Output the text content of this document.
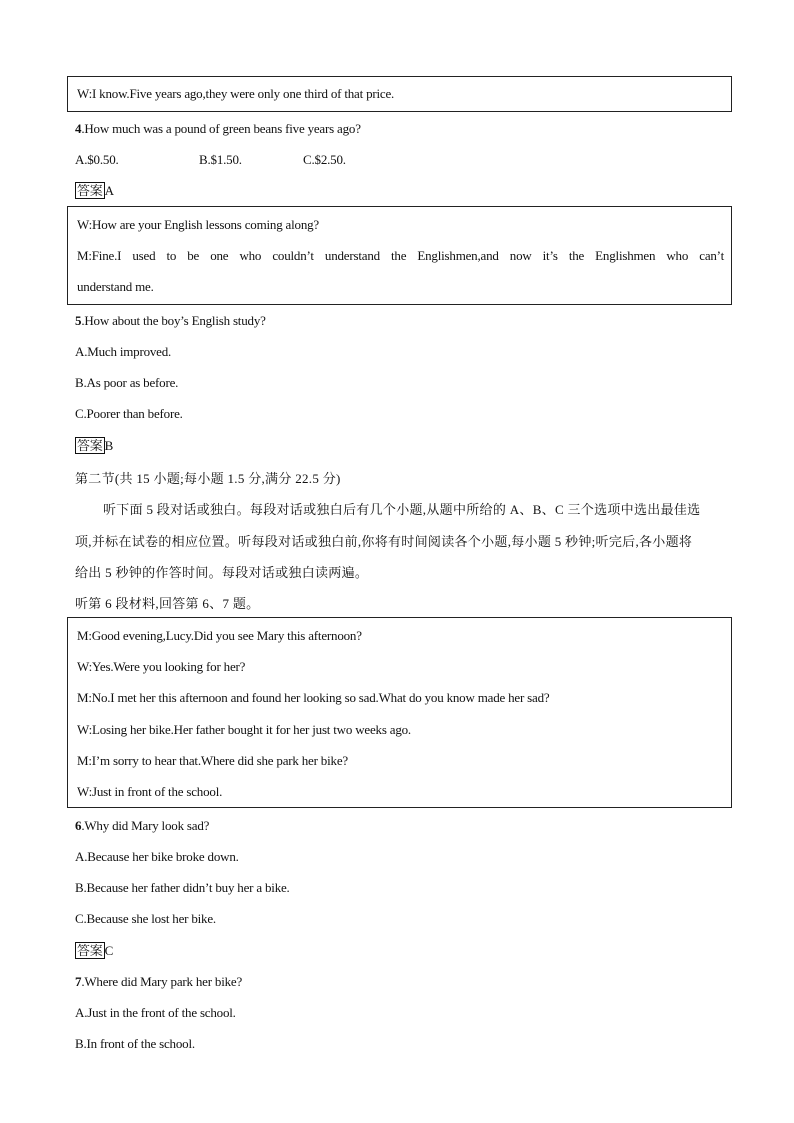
W:I know.Five years ago,they were only one third of that price.
4.How much was a pound of green beans five years ago?
A.$0.50.	B.$1.50.	C.$2.50.
答案 A
W:How are your English lessons coming along?
M:Fine.I used to be one who couldn’t understand the Englishmen,and now it’s the Englishmen who can’t
understand me.
5.How about the boy’s English study?
A.Much improved.
B.As poor as before.
C.Poorer than before.
答案 B
第二节(共 15 小题;每小题 1.5 分,满分 22.5 分)
听下面 5 段对话或独白。每段对话或独白后有几个小题,从题中所给的 A、B、C 三个选项中选出最佳选
项,并标在试卷的相应位置。听每段对话或独白前,你将有时间阅读各个小题,每小题 5 秒钟;听完后,各小题将
给出 5 秒钟的作答时间。每段对话或独白读两遍。
听第 6 段材料,回答第 6、7 题。
M:Good evening,Lucy.Did you see Mary this afternoon?
W:Yes.Were you looking for her?
M:No.I met her this afternoon and found her looking so sad.What do you know made her sad?
W:Losing her bike.Her father bought it for her just two weeks ago.
M:I’m sorry to hear that.Where did she park her bike?
W:Just in front of the school.
6.Why did Mary look sad?
A.Because her bike broke down.
B.Because her father didn’t buy her a bike.
C.Because she lost her bike.
答案 C
7.Where did Mary park her bike?
A.Just in the front of the school.
B.In front of the school.
